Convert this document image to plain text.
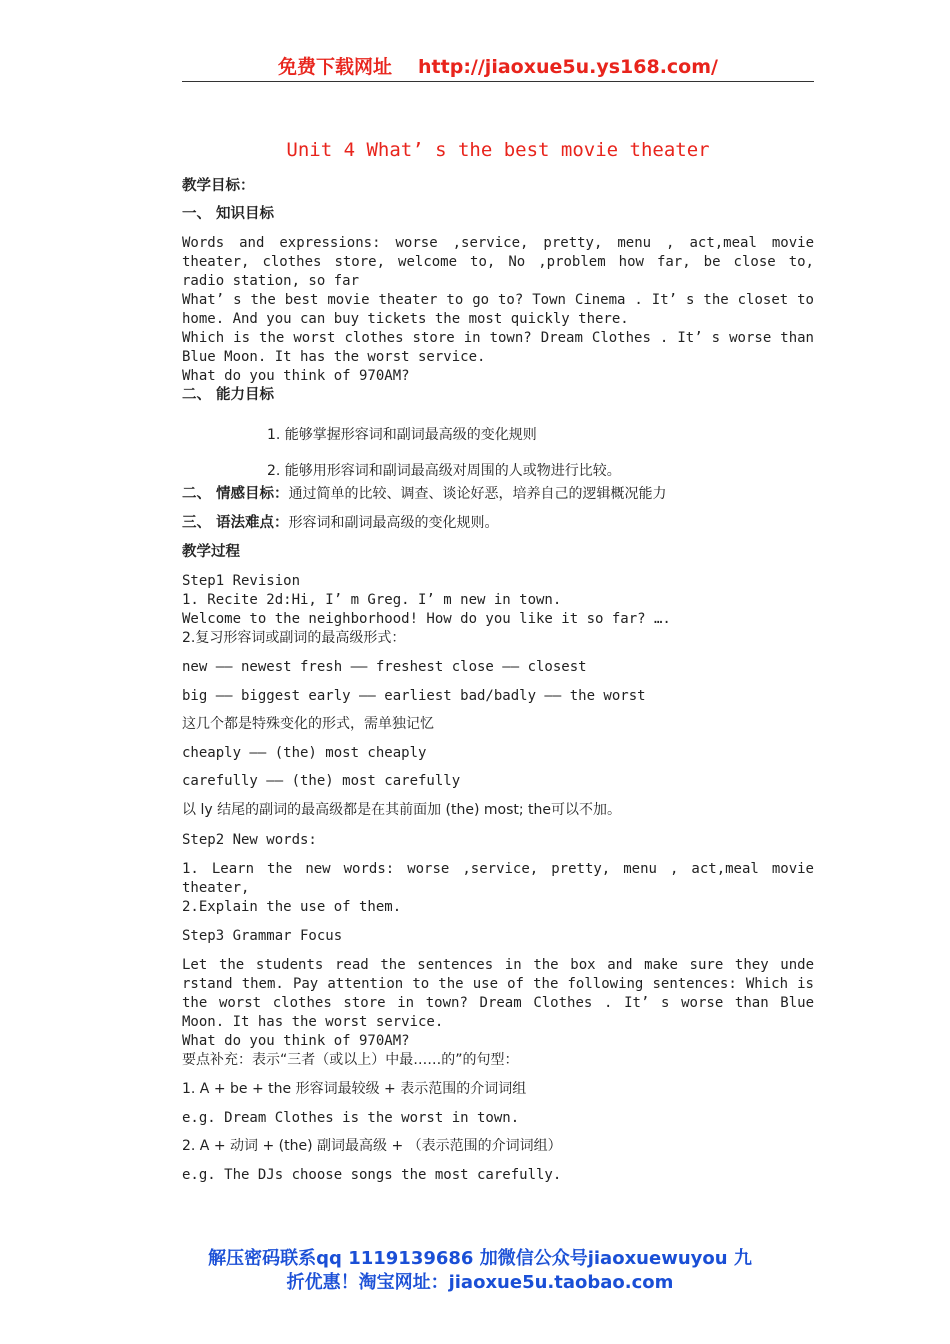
免费下载网址 http://jiaoxue5u.ys168.com/
Unit 4 What’ s the best movie theater
教学目标：
一、 知识目标
Words and expressions: worse ,service, pretty, menu , act,meal movie
theater, clothes store, welcome to, No ,problem how far, be close to,
radio station, so far
What’ s the best movie theater to go to? Town Cinema . It’ s the closet to
home. And you can buy tickets the most quickly there.
Which is the worst clothes store in town? Dream Clothes . It’ s worse than
Blue Moon. It has the worst service.
What do you think of 970AM?
二、 能力目标
1. 能够掌握形容词和副词最高级的变化规则
2. 能够用形容词和副词最高级对周围的人或物进行比较。
二、 情感目标：通过简单的比较、调查、谈论好恶，培养自己的逻辑概况能力
三、 语法难点：形容词和副词最高级的变化规则。
教学过程
Step1 Revision
1. Recite 2d:Hi, I’ m Greg. I’ m new in town.
Welcome to the neighborhood! How do you like it so far? ….
2.复习形容词或副词的最高级形式：
new —— newest fresh —— freshest close —— closest
big —— biggest early —— earliest bad/badly —— the worst
这几个都是特殊变化的形式，需单独记忆
cheaply —— (the) most cheaply
carefully —— (the) most carefully
以 ly 结尾的副词的最高级都是在其前面加 (the) most; the可以不加。
Step2 New words:
1. Learn the new words: worse ,service, pretty, menu , act,meal movie
theater,
2.Explain the use of them.
Step3 Grammar Focus
Let the students read the sentences in the box and make sure they unde
rstand them. Pay attention to the use of the following sentences: Which is
the worst clothes store in town? Dream Clothes . It’ s worse than Blue
Moon. It has the worst service.
What do you think of 970AM?
要点补充：表示“三者（或以上）中最……的”的句型：
1. A + be + the 形容词最较级 + 表示范围的介词词组
e.g. Dream Clothes is the worst in town.
2. A + 动词 + (the) 副词最高级 + （表示范围的介词词组）
e.g. The DJs choose songs the most carefully.
解压密码联系qq 1119139686 加微信公众号jiaoxuewuyou 九
折优惠！淘宝网址：jiaoxue5u.taobao.com
